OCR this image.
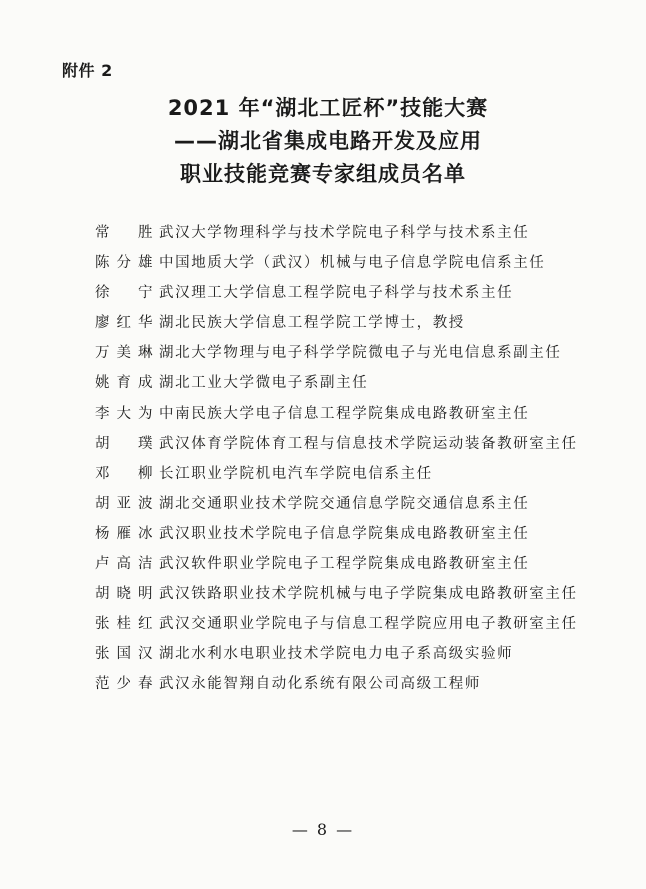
附件 2
2021 年“湖北工匠杯”技能大赛
——湖北省集成电路开发及应用
职业技能竞赛专家组成员名单
常　胜 武汉大学物理科学与技术学院电子科学与技术系主任
陈分雄 中国地质大学（武汉）机械与电子信息学院电信系主任
徐　宁 武汉理工大学信息工程学院电子科学与技术系主任
廖红华 湖北民族大学信息工程学院工学博士，教授
万美琳 湖北大学物理与电子科学学院微电子与光电信息系副主任
姚育成 湖北工业大学微电子系副主任
李大为 中南民族大学电子信息工程学院集成电路教研室主任
胡　璞 武汉体育学院体育工程与信息技术学院运动装备教研室主任
邓　柳 长江职业学院机电汽车学院电信系主任
胡亚波 湖北交通职业技术学院交通信息学院交通信息系主任
杨雁冰 武汉职业技术学院电子信息学院集成电路教研室主任
卢高洁 武汉软件职业学院电子工程学院集成电路教研室主任
胡晓明 武汉铁路职业技术学院机械与电子学院集成电路教研室主任
张桂红 武汉交通职业学院电子与信息工程学院应用电子教研室主任
张国汉 湖北水利水电职业技术学院电力电子系高级实验师
范少春 武汉永能智翔自动化系统有限公司高级工程师
— 8 —
